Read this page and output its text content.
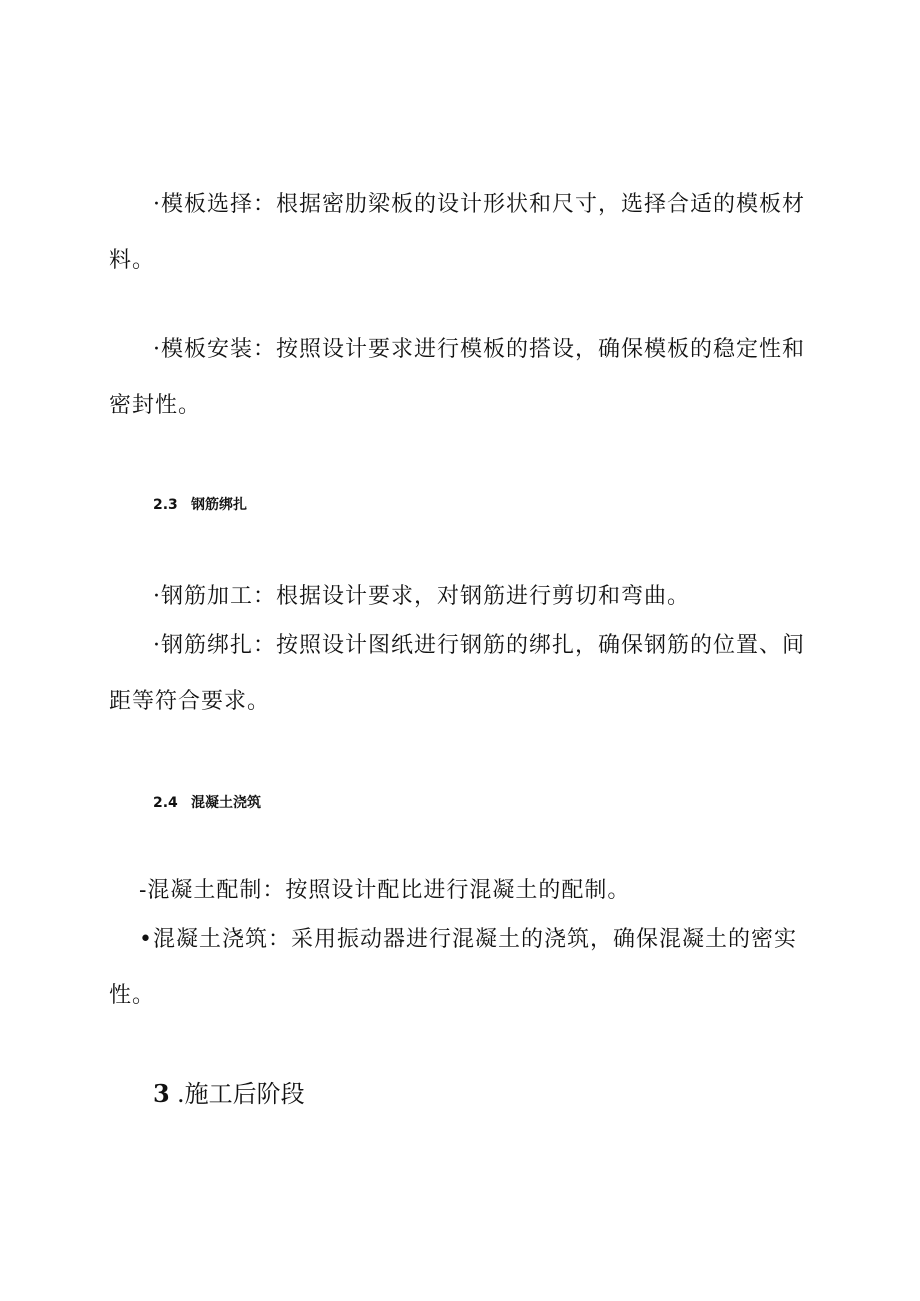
·模板选择：根据密肋梁板的设计形状和尺寸，选择合适的模板材料。

·模板安装：按照设计要求进行模板的搭设，确保模板的稳定性和密封性。

2.3 钢筋绑扎

·钢筋加工：根据设计要求，对钢筋进行剪切和弯曲。

·钢筋绑扎：按照设计图纸进行钢筋的绑扎，确保钢筋的位置、间距等符合要求。

2.4 混凝土浇筑

-混凝土配制：按照设计配比进行混凝土的配制。

•混凝土浇筑：采用振动器进行混凝土的浇筑，确保混凝土的密实性。

3 .施工后阶段
